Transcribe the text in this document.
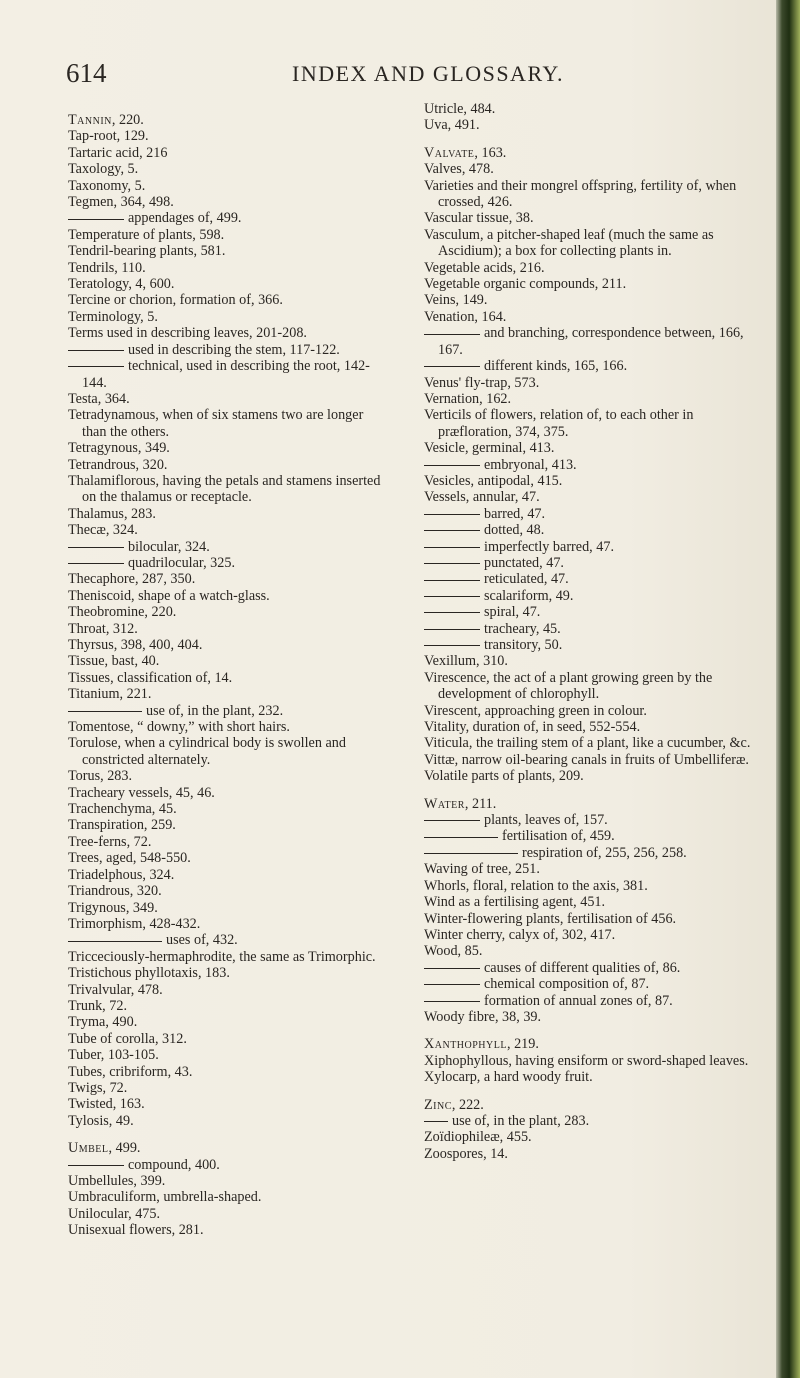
614	INDEX AND GLOSSARY.

Tannin, 220.

Tap-root, 129.

Tartaric acid, 216

Taxology, 5.

Taxonomy, 5.

Tegmen, 364, 498.

appendages of, 499.

Temperature of plants, 598.

Tendril-bearing plants, 581.

Tendrils, 110.

Teratology, 4, 600.

Tercine or chorion, formation of, 366.

Terminology, 5.

Terms used in describing leaves, 201-208.

used in describing the stem, 117-122.

technical, used in describing the root, 142-144.

Testa, 364.

Tetradynamous, when of six stamens two are longer than the others.

Tetragynous, 349.

Tetrandrous, 320.

Thalamiflorous, having the petals and stamens inserted on the thalamus or receptacle.

Thalamus, 283.

Thecæ, 324.

bilocular, 324.

quadrilocular, 325.

Thecaphore, 287, 350.

Theniscoid, shape of a watch-glass.

Theobromine, 220.

Throat, 312.

Thyrsus, 398, 400, 404.

Tissue, bast, 40.

Tissues, classification of, 14.

Titanium, 221.

use of, in the plant, 232.

Tomentose, “ downy,” with short hairs.

Torulose, when a cylindrical body is swollen and constricted alternately.

Torus, 283.

Tracheary vessels, 45, 46.

Trachenchyma, 45.

Transpiration, 259.

Tree-ferns, 72.

Trees, aged, 548-550.

Triadelphous, 324.

Triandrous, 320.

Trigynous, 349.

Trimorphism, 428-432.

uses of, 432.

Tricceciously-hermaphrodite, the same as Trimorphic.

Tristichous phyllotaxis, 183.

Trivalvular, 478.

Trunk, 72.

Tryma, 490.

Tube of corolla, 312.

Tuber, 103-105.

Tubes, cribriform, 43.

Twigs, 72.

Twisted, 163.

Tylosis, 49.

Umbel, 499.

compound, 400.

Umbellules, 399.

Umbraculiform, umbrella-shaped.

Unilocular, 475.

Unisexual flowers, 281.

Utricle, 484.

Uva, 491.

Valvate, 163.

Valves, 478.

Varieties and their mongrel offspring, fertility of, when crossed, 426.

Vascular tissue, 38.

Vasculum, a pitcher-shaped leaf (much the same as Ascidium); a box for collecting plants in.

Vegetable acids, 216.

Vegetable organic compounds, 211.

Veins, 149.

Venation, 164.

and branching, correspondence between, 166, 167.

different kinds, 165, 166.

Venus' fly-trap, 573.

Vernation, 162.

Verticils of flowers, relation of, to each other in præfloration, 374, 375.

Vesicle, germinal, 413.

embryonal, 413.

Vesicles, antipodal, 415.

Vessels, annular, 47.

barred, 47.

dotted, 48.

imperfectly barred, 47.

punctated, 47.

reticulated, 47.

scalariform, 49.

spiral, 47.

tracheary, 45.

transitory, 50.

Vexillum, 310.

Virescence, the act of a plant growing green by the development of chlorophyll.

Virescent, approaching green in colour.

Vitality, duration of, in seed, 552-554.

Viticula, the trailing stem of a plant, like a cucumber, &c.

Vittæ, narrow oil-bearing canals in fruits of Umbelliferæ.

Volatile parts of plants, 209.

Water, 211.

plants, leaves of, 157.

fertilisation of, 459.

respiration of, 255, 256, 258.

Waving of tree, 251.

Whorls, floral, relation to the axis, 381.

Wind as a fertilising agent, 451.

Winter-flowering plants, fertilisation of 456.

Winter cherry, calyx of, 302, 417.

Wood, 85.

causes of different qualities of, 86.

chemical composition of, 87.

formation of annual zones of, 87.

Woody fibre, 38, 39.

Xanthophyll, 219.

Xiphophyllous, having ensiform or sword-shaped leaves.

Xylocarp, a hard woody fruit.

Zinc, 222.

use of, in the plant, 283.

Zoïdiophileæ, 455.

Zoospores, 14.
